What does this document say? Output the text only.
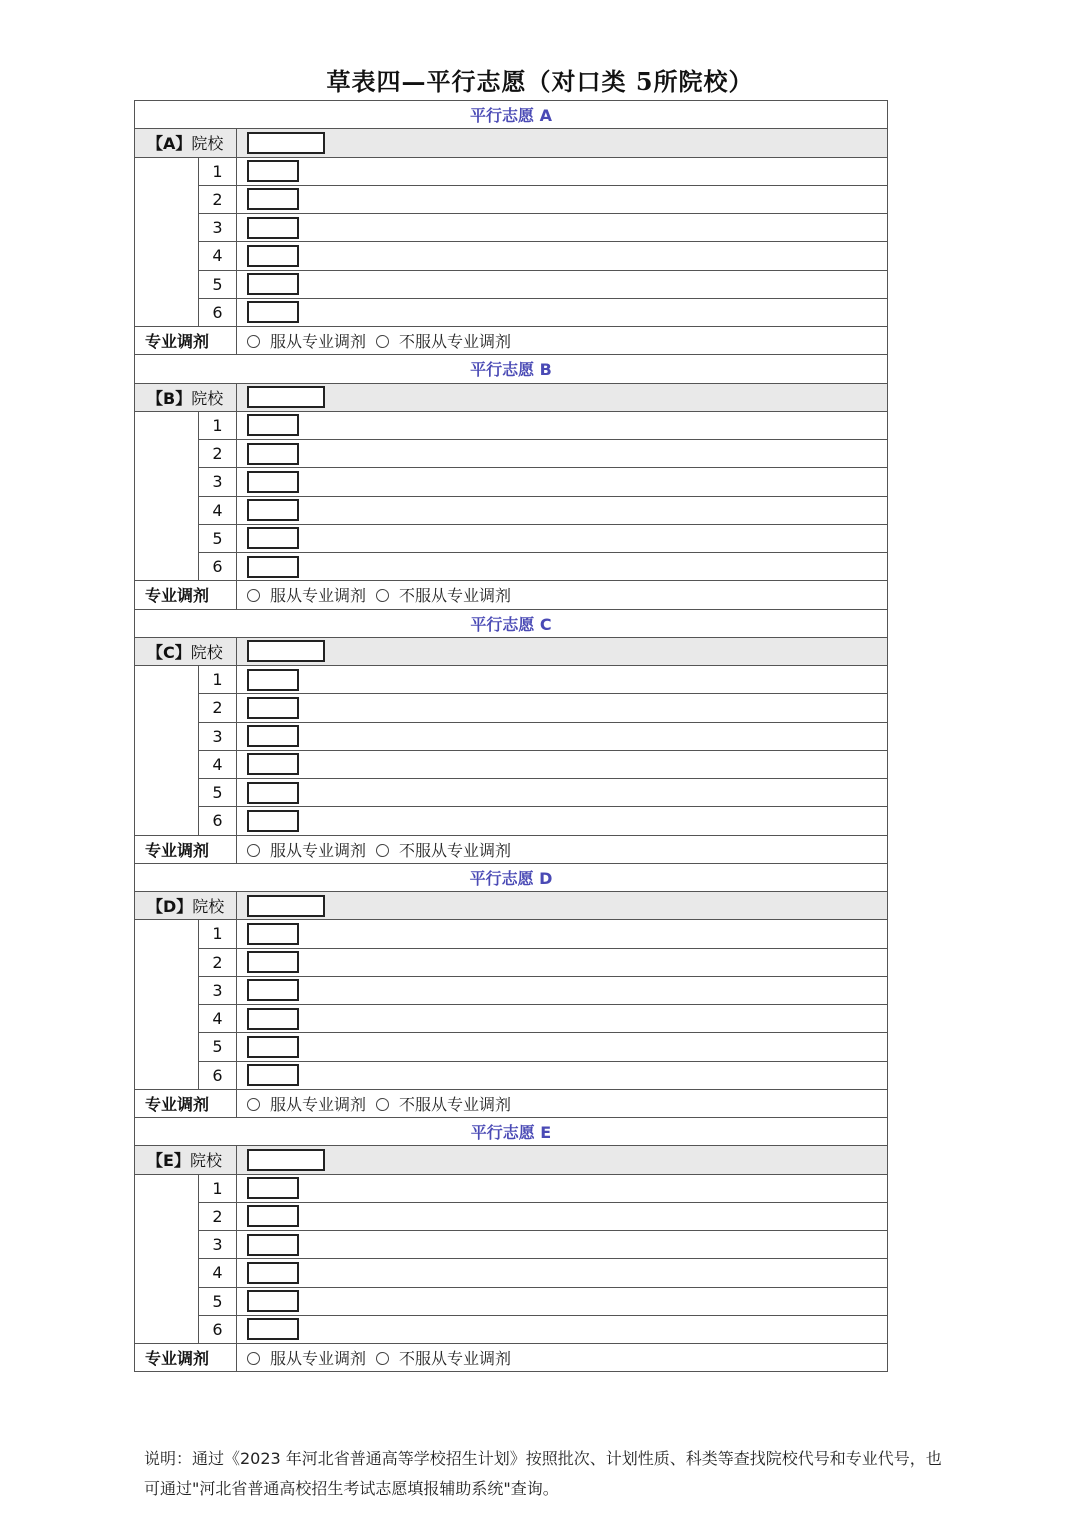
草表四—平行志愿（对口类 5所院校）
平行志愿 A		
【A】院校		
	1	
	2	
	3	
	4	
	5	
	6	
专业调剂		服从专业调剂 不服从专业调剂
平行志愿 B		
【B】院校		
	1	
	2	
	3	
	4	
	5	
	6	
专业调剂		服从专业调剂 不服从专业调剂
平行志愿 C		
【C】院校		
	1	
	2	
	3	
	4	
	5	
	6	
专业调剂		服从专业调剂 不服从专业调剂
平行志愿 D		
【D】院校		
	1	
	2	
	3	
	4	
	5	
	6	
专业调剂		服从专业调剂 不服从专业调剂
平行志愿 E		
【E】院校		
	1	
	2	
	3	
	4	
	5	
	6	
专业调剂		服从专业调剂 不服从专业调剂
说明：通过《2023 年河北省普通高等学校招生计划》按照批次、计划性质、科类等查找院校代号和专业代号，也
可通过"河北省普通高校招生考试志愿填报辅助系统"查询。
